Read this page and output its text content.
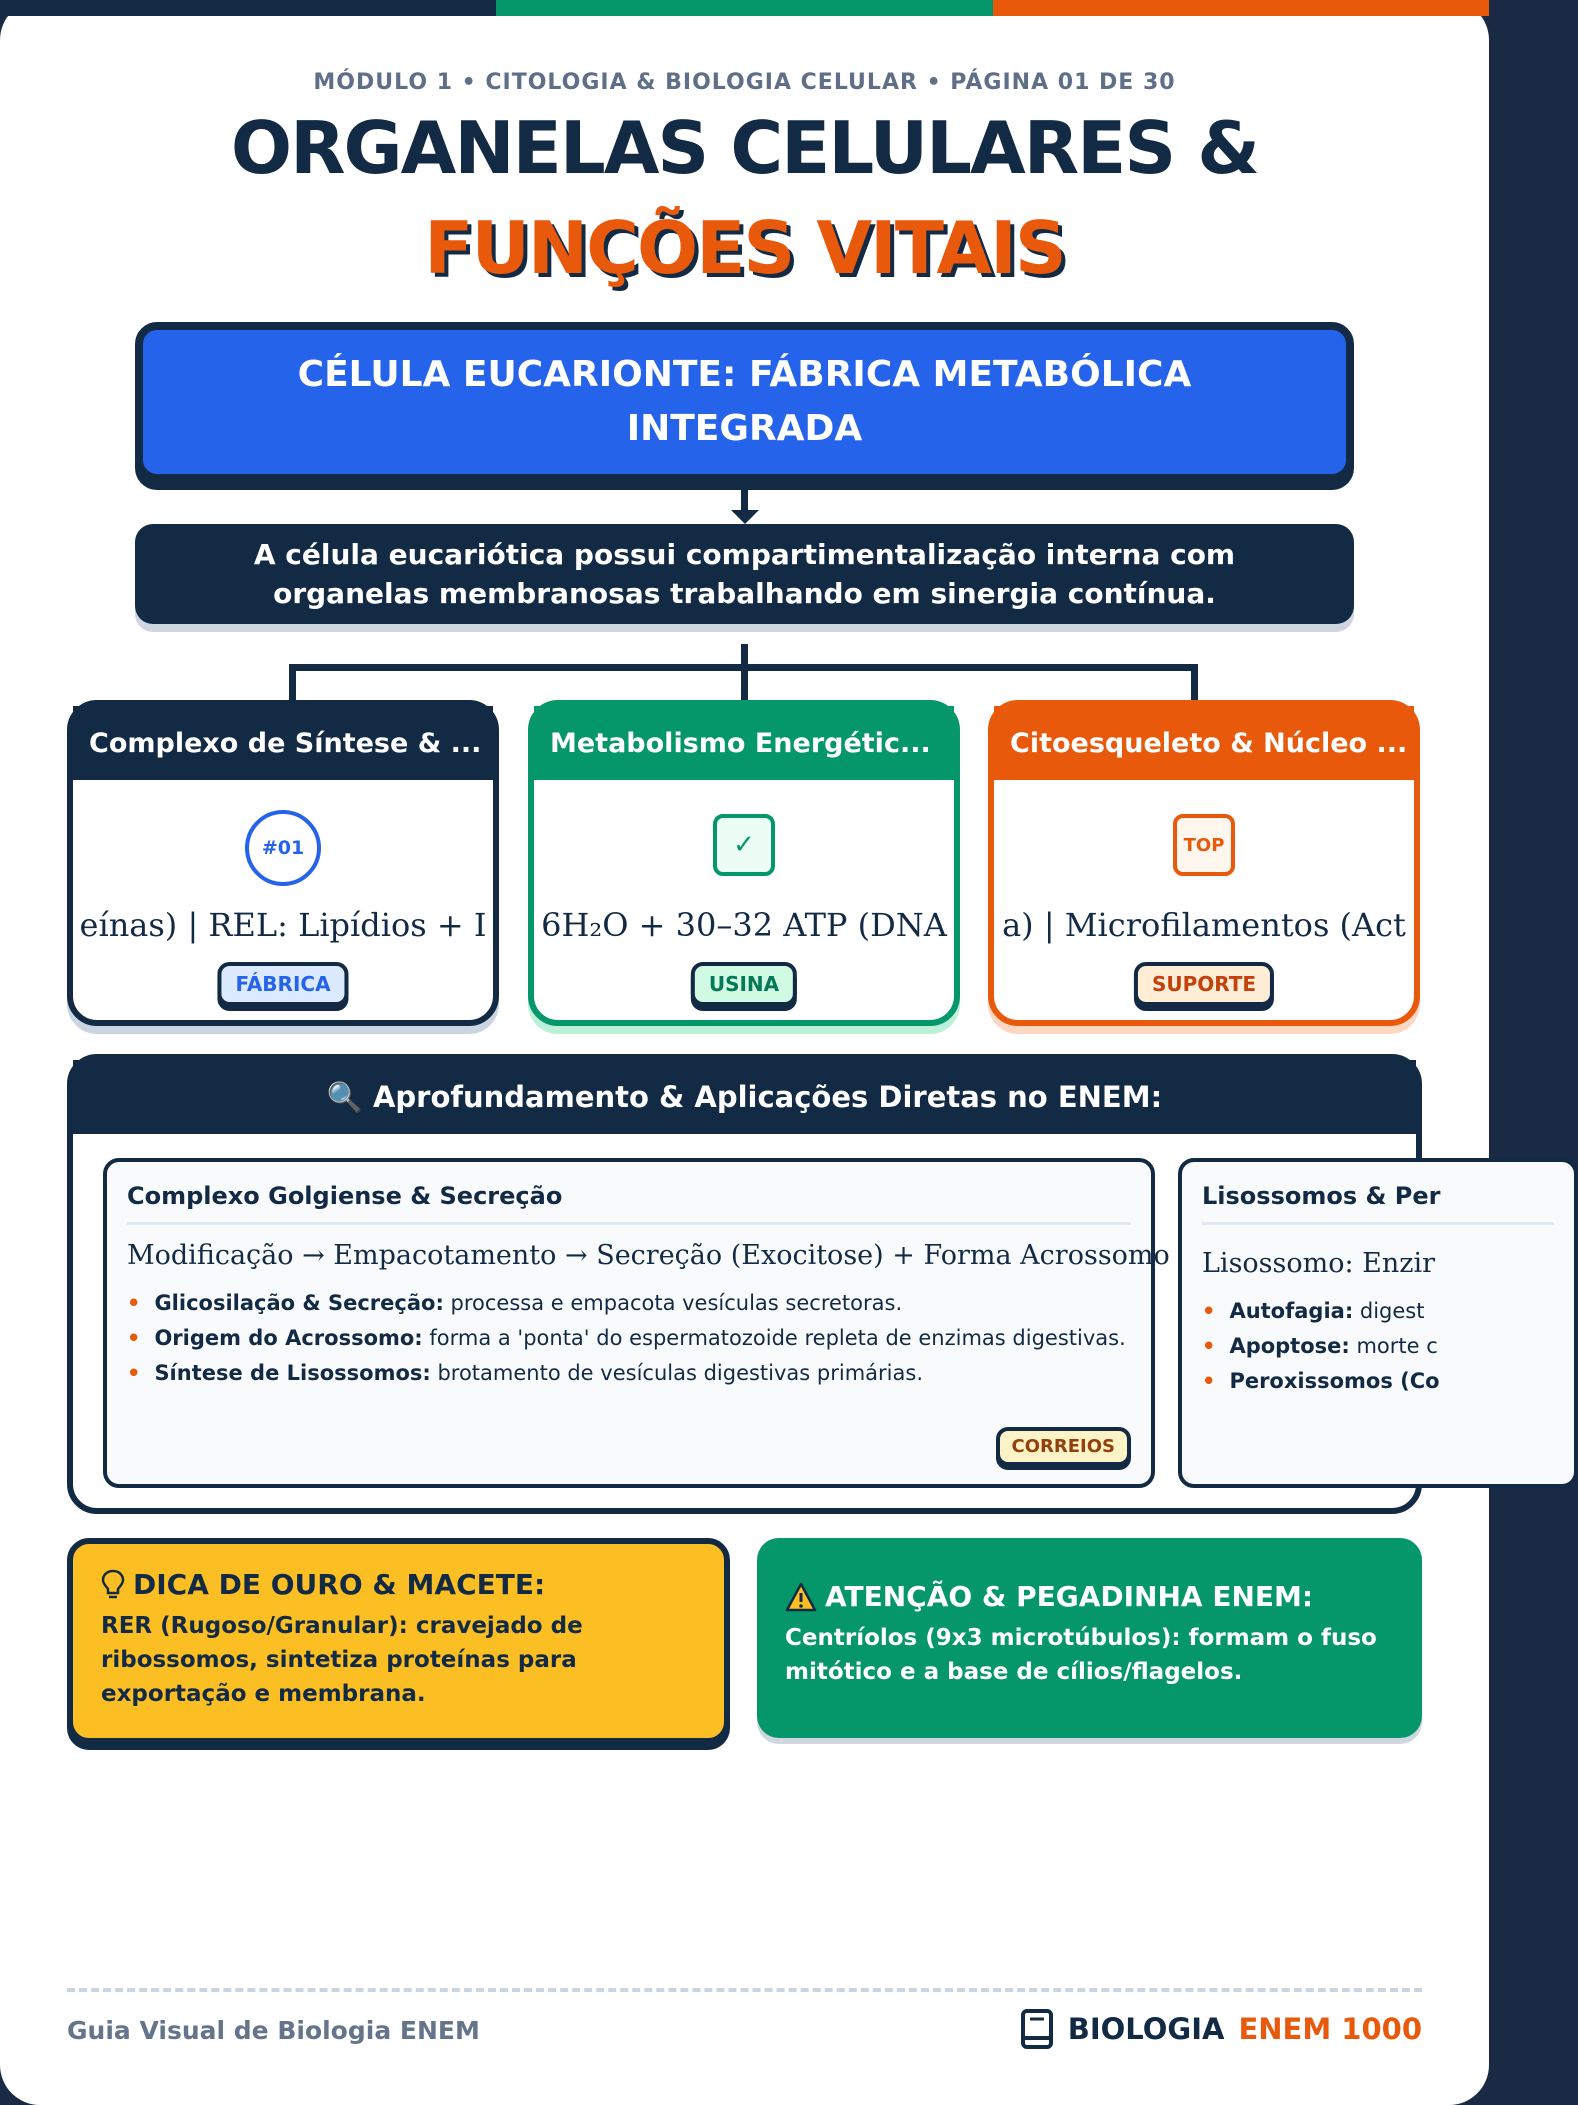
MÓDULO 1 • CITOLOGIA & BIOLOGIA CELULAR • PÁGINA 01 DE 30
ORGANELAS CELULARES &
FUNÇÕES VITAIS
CÉLULA EUCARIONTE: FÁBRICA METABÓLICA INTEGRADA
A célula eucariótica possui compartimentalização interna com organelas membranosas trabalhando em sinergia contínua.
Complexo de Síntese & ...
#01
eínas) | REL: Lipídios + I
FÁBRICA
Metabolismo Energétic...
✓
6H₂O + 30–32 ATP (DNA
USINA
Citoesqueleto & Núcleo ...
TOP
a) | Microfilamentos (Act
SUPORTE
🔍 Aprofundamento & Aplicações Diretas no ENEM:
Complexo Golgiense & Secreção
Modificação → Empacotamento → Secreção (Exocitose) + Forma Acrossomo
• Glicosilação & Secreção: processa e empacota vesículas secretoras.
• Origem do Acrossomo: forma a 'ponta' do espermatozoide repleta de enzimas digestivas.
• Síntese de Lisossomos: brotamento de vesículas digestivas primárias.
CORREIOS
Lisossomos & Per
Lisossomo: Enzir
• Autofagia: digest
• Apoptose: morte c
• Peroxissomos (Co
DICA DE OURO & MACETE:
RER (Rugoso/Granular): cravejado de ribossomos, sintetiza proteínas para exportação e membrana.
ATENÇÃO & PEGADINHA ENEM:
Centríolos (9x3 microtúbulos): formam o fuso mitótico e a base de cílios/flagelos.
Guia Visual de Biologia ENEM	BIOLOGIA ENEM 1000
